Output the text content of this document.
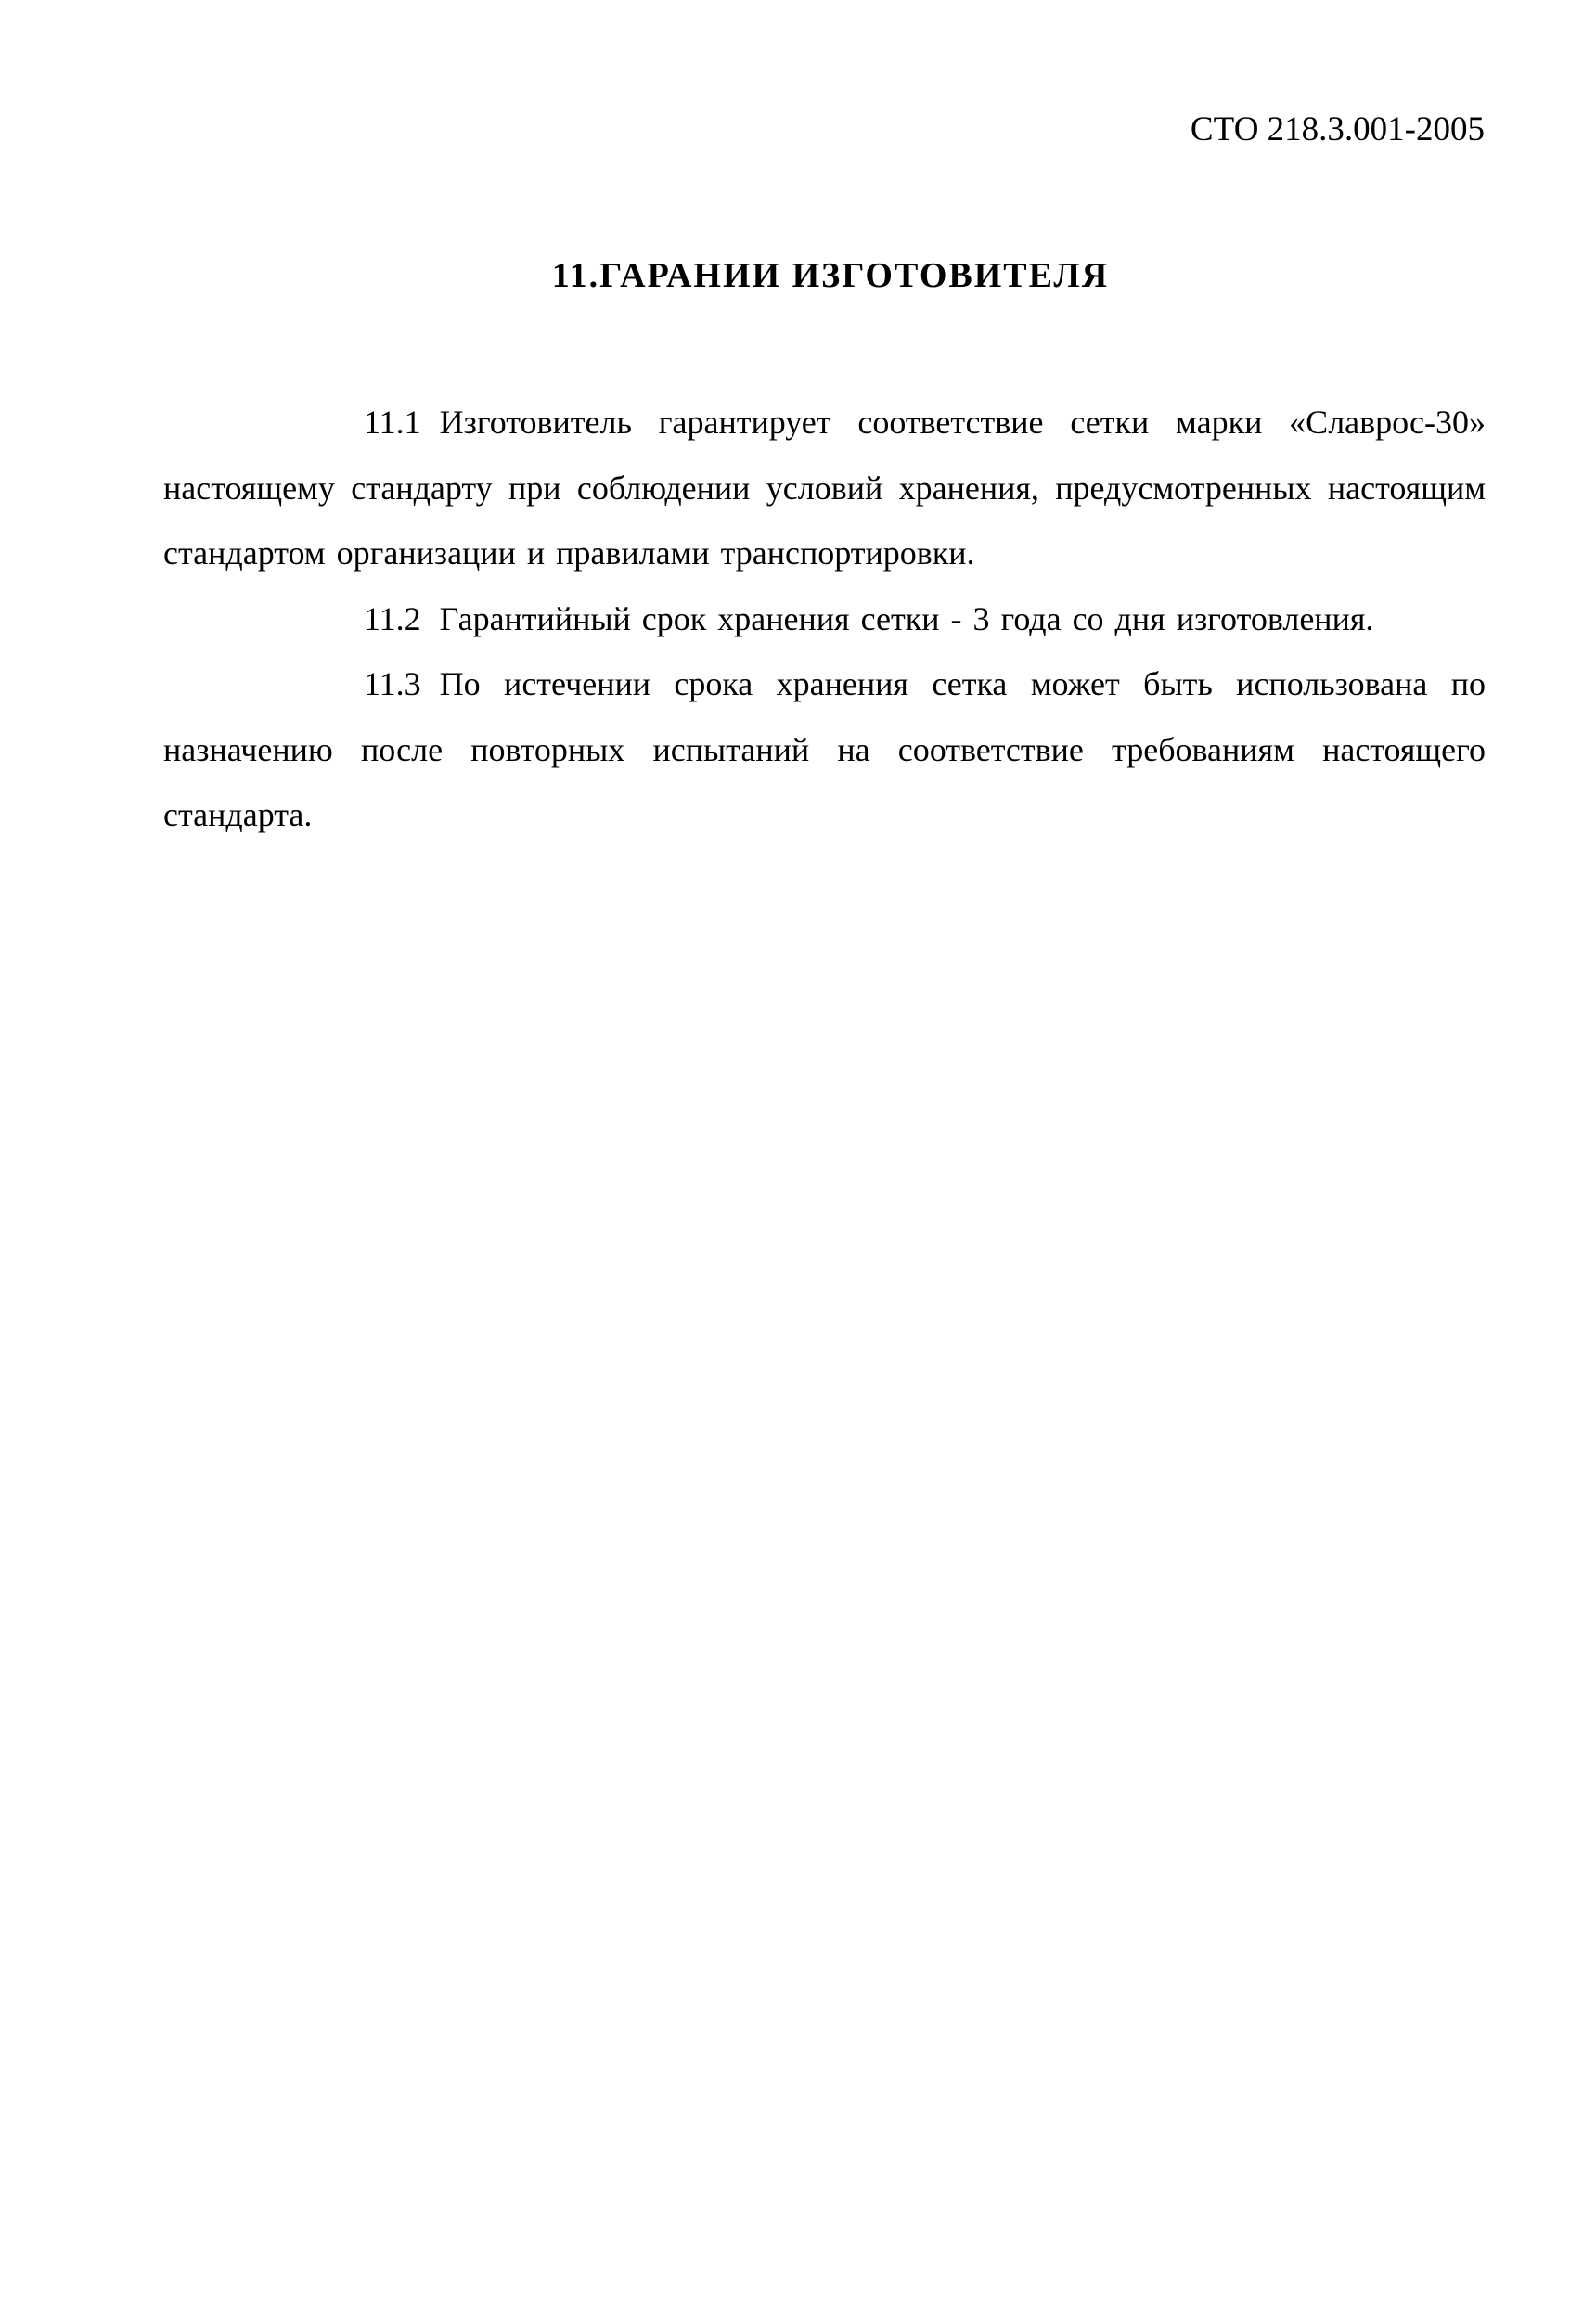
СТО 218.3.001-2005
11.ГАРАНИИ ИЗГОТОВИТЕЛЯ

11.1 Изготовитель гарантирует соответствие сетки марки «Славрос-30» настоящему стандарту при соблюдении условий хранения, предусмотренных настоящим стандартом организации и правилами транспортировки.

11.2 Гарантийный срок хранения сетки - 3 года со дня изготовления.

11.3 По истечении срока хранения сетка может быть использована по назначению после повторных испытаний на соответствие требованиям настоящего стандарта.
